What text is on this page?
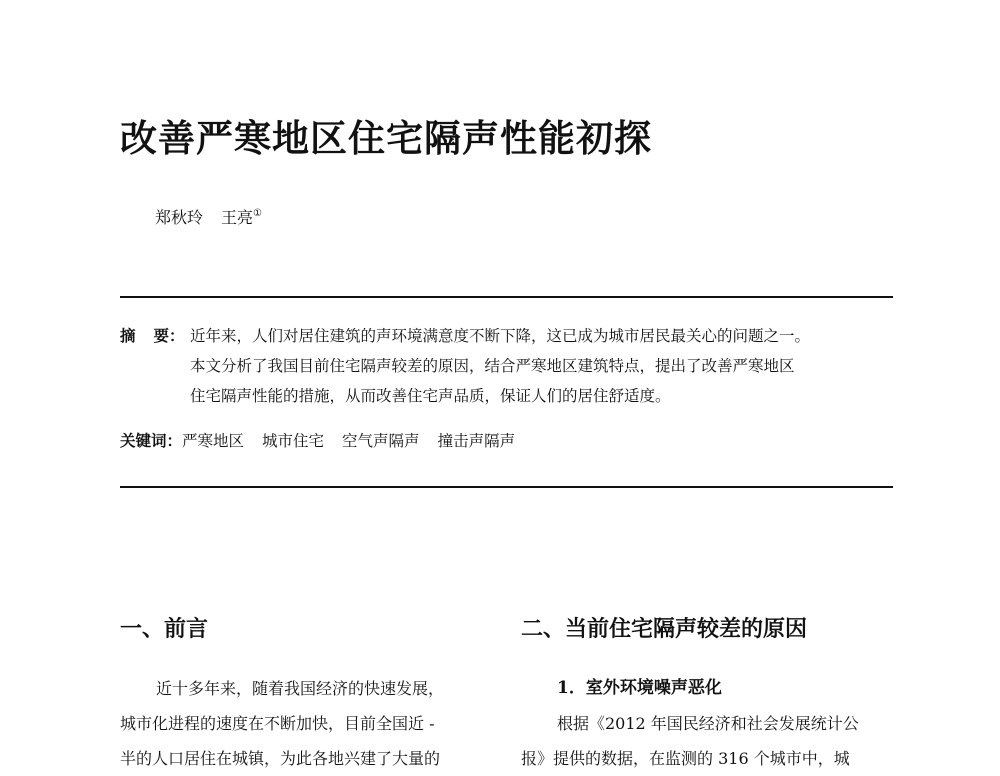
改善严寒地区住宅隔声性能初探
郑秋玲 王亮①
摘 要： 近年来，人们对居住建筑的声环境满意度不断下降，这已成为城市居民最关心的问题之一。
本文分析了我国目前住宅隔声较差的原因，结合严寒地区建筑特点，提出了改善严寒地区
住宅隔声性能的措施，从而改善住宅声品质，保证人们的居住舒适度。
关键词：严寒地区 城市住宅 空气声隔声 撞击声隔声
一、前言
近十多年来，随着我国经济的快速发展，
城市化进程的速度在不断加快，目前全国近 -
半的人口居住在城镇，为此各地兴建了大量的
二、当前住宅隔声较差的原因
1．室外环境噪声恶化
根据《2012 年国民经济和社会发展统计公
报》提供的数据，在监测的 316 个城市中，城
